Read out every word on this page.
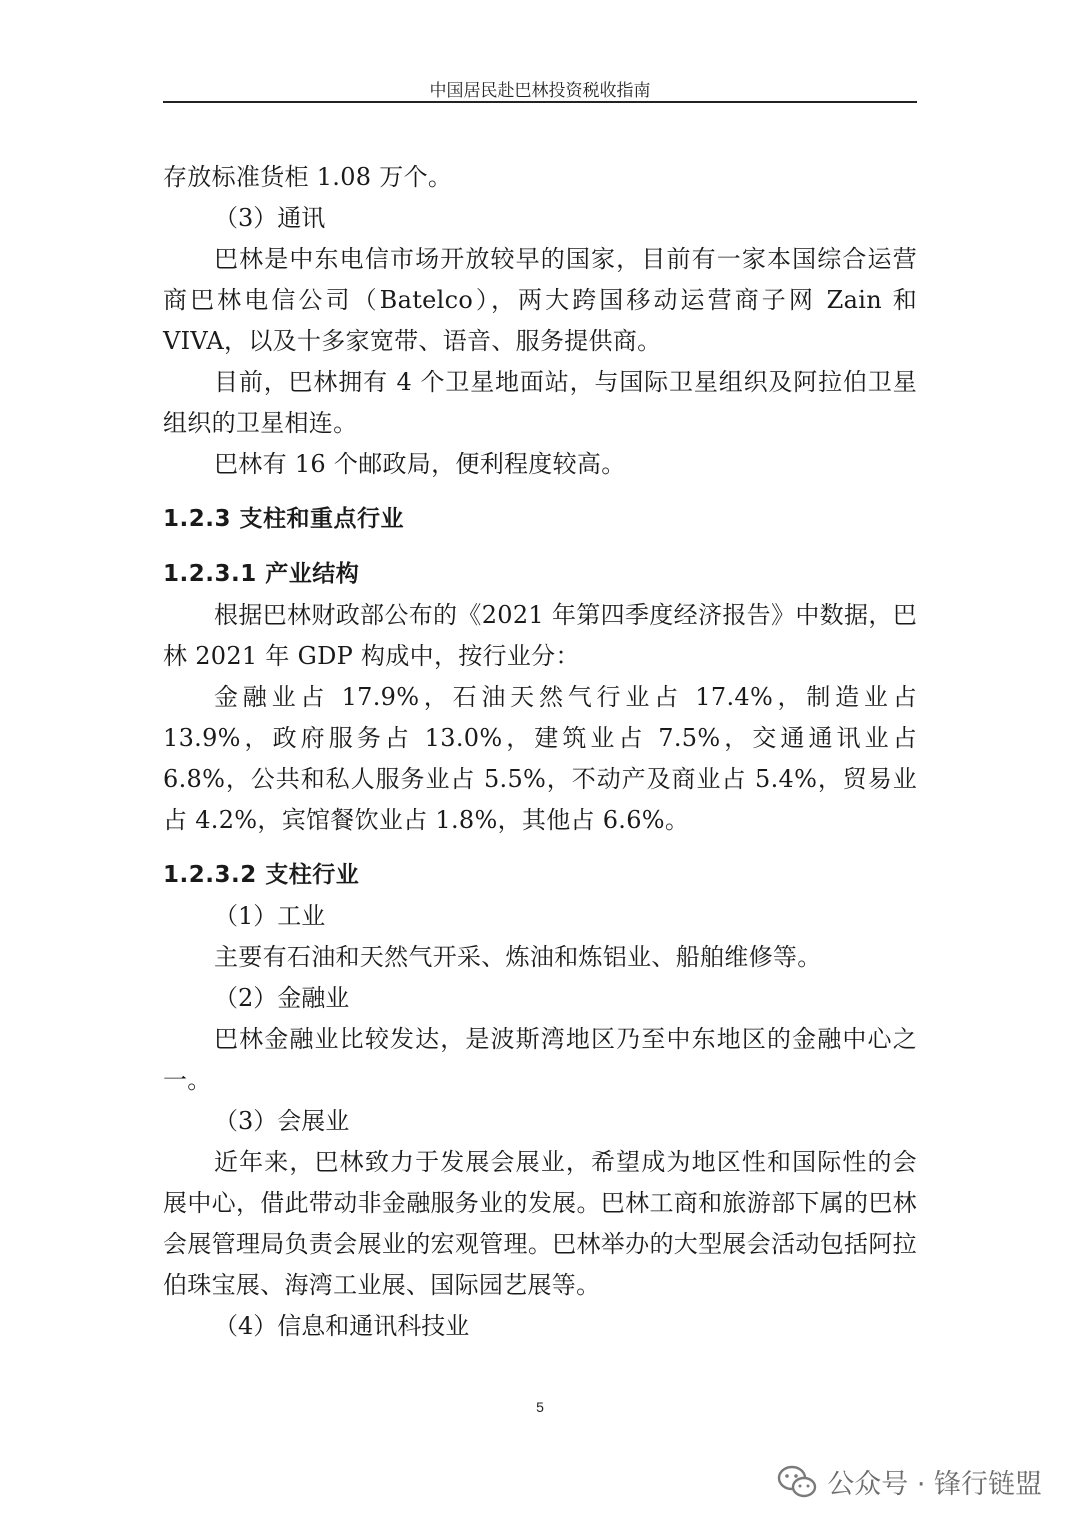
中国居民赴巴林投资税收指南

存放标准货柜 1.08 万个。

（3）通讯

巴林是中东电信市场开放较早的国家，目前有一家本国综合运营商巴林电信公司（Batelco），两大跨国移动运营商子网 Zain 和 VIVA，以及十多家宽带、语音、服务提供商。

目前，巴林拥有 4 个卫星地面站，与国际卫星组织及阿拉伯卫星组织的卫星相连。

巴林有 16 个邮政局，便利程度较高。

1.2.3 支柱和重点行业
1.2.3.1 产业结构

根据巴林财政部公布的《2021 年第四季度经济报告》中数据，巴林 2021 年 GDP 构成中，按行业分：

金融业占 17.9%，石油天然气行业占 17.4%，制造业占 13.9%，政府服务占 13.0%，建筑业占 7.5%，交通通讯业占 6.8%，公共和私人服务业占 5.5%，不动产及商业占 5.4%，贸易业占 4.2%，宾馆餐饮业占 1.8%，其他占 6.6%。

1.2.3.2 支柱行业

（1）工业

主要有石油和天然气开采、炼油和炼铝业、船舶维修等。

（2）金融业

巴林金融业比较发达，是波斯湾地区乃至中东地区的金融中心之一。

（3）会展业

近年来，巴林致力于发展会展业，希望成为地区性和国际性的会展中心，借此带动非金融服务业的发展。巴林工商和旅游部下属的巴林会展管理局负责会展业的宏观管理。巴林举办的大型展会活动包括阿拉伯珠宝展、海湾工业展、国际园艺展等。

（4）信息和通讯科技业

5
公众号 · 锋行链盟
